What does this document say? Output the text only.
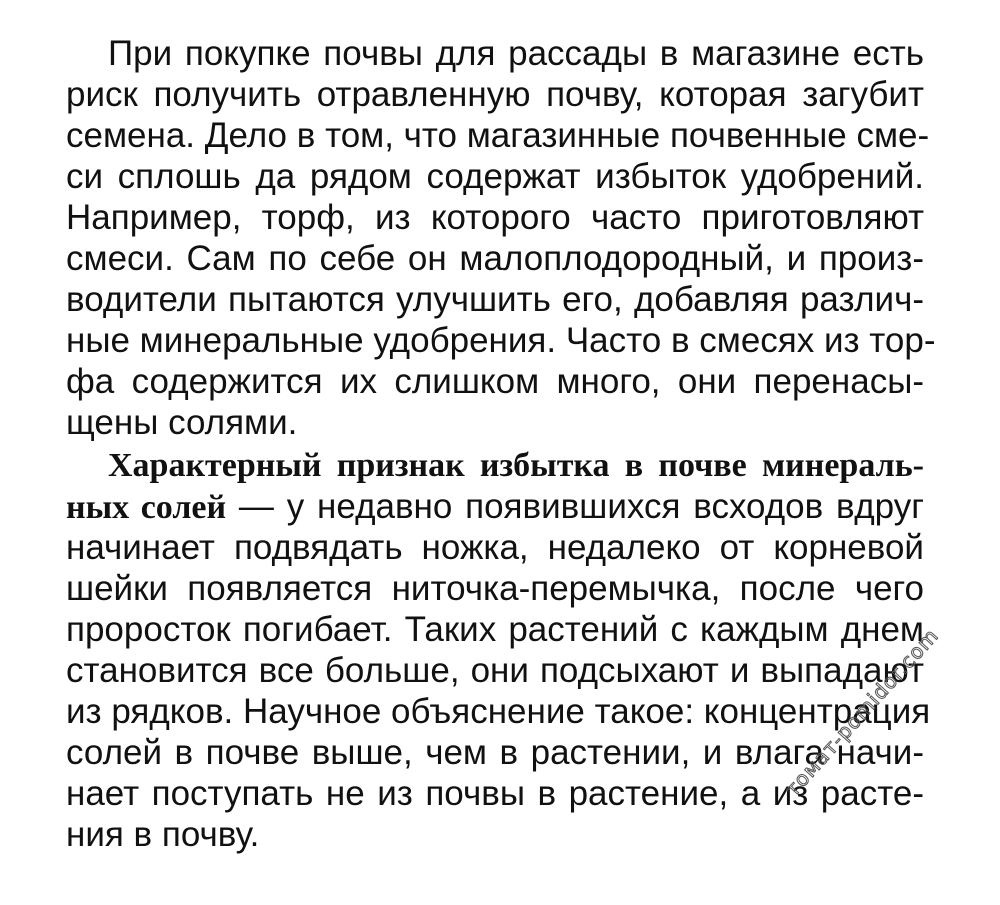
При покупке почвы для рассады в магазине есть
риск получить отравленную почву, которая загубит
семена. Дело в том, что магазинные почвенные сме-
си сплошь да рядом содержат избыток удобрений.
Например, торф, из которого часто приготовляют
смеси. Сам по себе он малоплодородный, и произ-
водители пытаются улучшить его, добавляя различ-
ные минеральные удобрения. Часто в смесях из тор-
фа содержится их слишком много, они перенасы-
щены солями.
Характерный признак избытка в почве минераль-
ных солей — у недавно появившихся всходов вдруг
начинает подвядать ножка, недалеко от корневой
шейки появляется ниточка-перемычка, после чего
проросток погибает. Таких растений с каждым днем
становится все больше, они подсыхают и выпадают
из рядков. Научное объяснение такое: концентрация
солей в почве выше, чем в растении, и влага начи-
нает поступать не из почвы в растение, а из расте-
ния в почву.
томат-pomidor.com
